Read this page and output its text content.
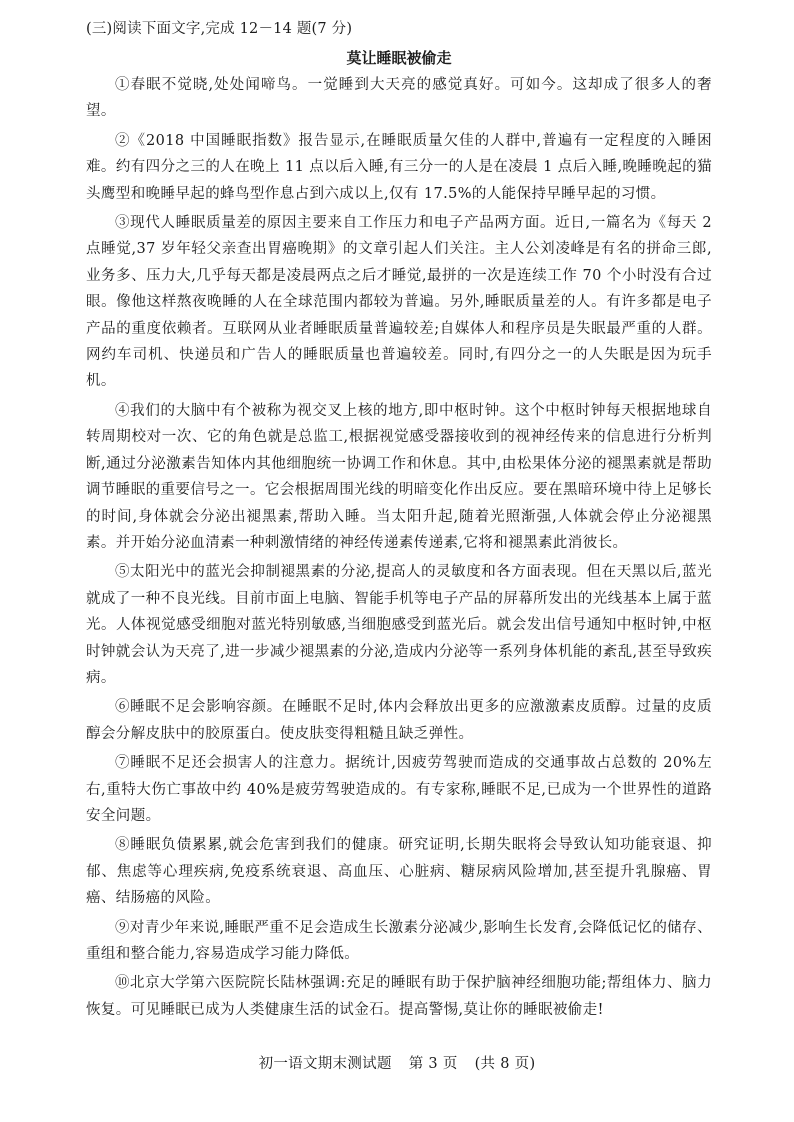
(三)阅读下面文字,完成 12－14 题(7 分)

莫让睡眠被偷走

①春眠不觉晓,处处闻啼鸟。一觉睡到大天亮的感觉真好。可如今。这却成了很多人的奢望。

②《2018 中国睡眠指数》报告显示,在睡眠质量欠佳的人群中,普遍有一定程度的入睡困难。约有四分之三的人在晚上 11 点以后入睡,有三分一的人是在凌晨 1 点后入睡,晚睡晚起的猫头鹰型和晚睡早起的蜂鸟型作息占到六成以上,仅有 17.5%的人能保持早睡早起的习惯。

③现代人睡眠质量差的原因主要来自工作压力和电子产品两方面。近日,一篇名为《每天 2 点睡觉,37 岁年轻父亲查出胃癌晚期》的文章引起人们关注。主人公刘凌峰是有名的拼命三郎,业务多、压力大,几乎每天都是凌晨两点之后才睡觉,最拼的一次是连续工作 70 个小时没有合过眼。像他这样熬夜晚睡的人在全球范围内都较为普遍。另外,睡眠质量差的人。有许多都是电子产品的重度依赖者。互联网从业者睡眠质量普遍较差;自媒体人和程序员是失眠最严重的人群。网约车司机、快递员和广告人的睡眠质量也普遍较差。同时,有四分之一的人失眠是因为玩手机。

④我们的大脑中有个被称为视交叉上核的地方,即中枢时钟。这个中枢时钟每天根据地球自转周期校对一次、它的角色就是总监工,根据视觉感受器接收到的视神经传来的信息进行分析判断,通过分泌激素告知体内其他细胞统一协调工作和休息。其中,由松果体分泌的褪黑素就是帮助调节睡眠的重要信号之一。它会根据周围光线的明暗变化作出反应。要在黑暗环境中待上足够长的时间,身体就会分泌出褪黑素,帮助入睡。当太阳升起,随着光照渐强,人体就会停止分泌褪黑素。并开始分泌血清素一种刺激情绪的神经传递素传递素,它将和褪黑素此消彼长。

⑤太阳光中的蓝光会抑制褪黑素的分泌,提高人的灵敏度和各方面表现。但在天黑以后,蓝光就成了一种不良光线。目前市面上电脑、智能手机等电子产品的屏幕所发出的光线基本上属于蓝光。人体视觉感受细胞对蓝光特别敏感,当细胞感受到蓝光后。就会发出信号通知中枢时钟,中枢时钟就会认为天亮了,进一步减少褪黑素的分泌,造成内分泌等一系列身体机能的紊乱,甚至导致疾病。

⑥睡眠不足会影响容颜。在睡眠不足时,体内会释放出更多的应激激素皮质醇。过量的皮质醇会分解皮肤中的胶原蛋白。使皮肤变得粗糙且缺乏弹性。

⑦睡眠不足还会损害人的注意力。据统计,因疲劳驾驶而造成的交通事故占总数的 20%左右,重特大伤亡事故中约 40%是疲劳驾驶造成的。有专家称,睡眠不足,已成为一个世界性的道路安全问题。

⑧睡眠负债累累,就会危害到我们的健康。研究证明,长期失眠将会导致认知功能衰退、抑郁、焦虑等心理疾病,免疫系统衰退、高血压、心脏病、糖尿病风险增加,甚至提升乳腺癌、胃癌、结肠癌的风险。

⑨对青少年来说,睡眠严重不足会造成生长激素分泌减少,影响生长发育,会降低记忆的储存、重组和整合能力,容易造成学习能力降低。

⑩北京大学第六医院院长陆林强调:充足的睡眠有助于保护脑神经细胞功能;帮组体力、脑力恢复。可见睡眠已成为人类健康生活的试金石。提高警惕,莫让你的睡眠被偷走!

初一语文期末测试题 第 3 页 (共 8 页)
